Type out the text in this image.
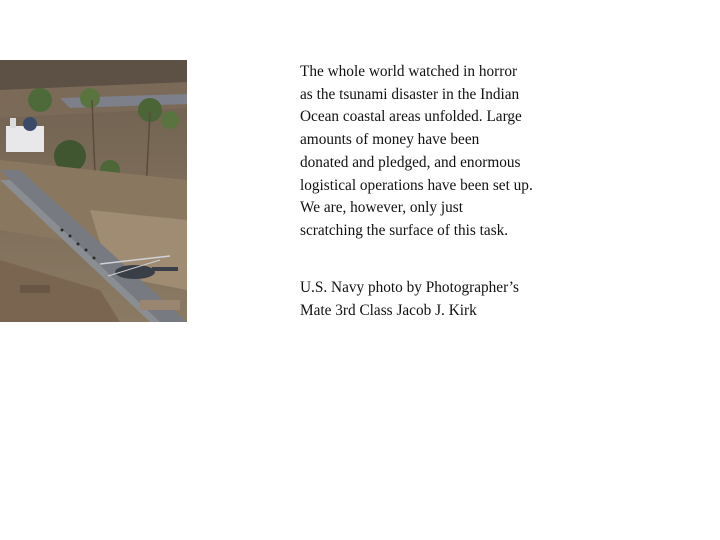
The whole world watched in horror
as the tsunami disaster in the Indian
Ocean coastal areas unfolded. Large
amounts of money have been
donated and pledged, and enormous
logistical operations have been set up.
We are, however, only just
scratching the surface of this task.

U.S. Navy photo by Photographer’s
Mate 3rd Class Jacob J. Kirk
